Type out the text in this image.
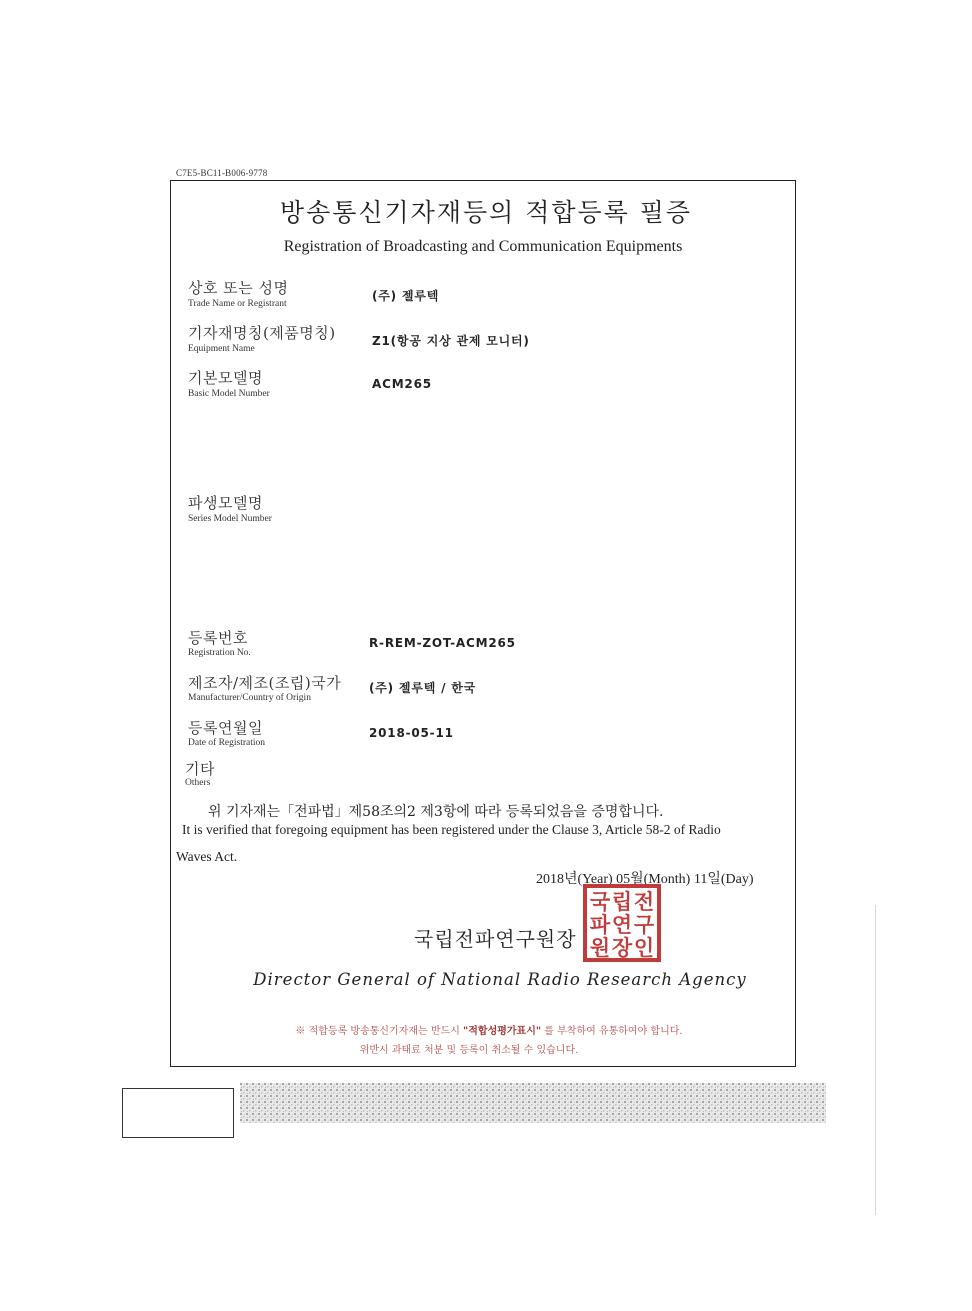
C7E5-BC11-B006-9778
방송통신기자재등의 적합등록 필증
Registration of Broadcasting and Communication Equipments
상호 또는 성명
Trade Name or Registrant
(주) 젤루텍
기자재명칭(제품명칭)
Equipment Name
Z1(항공 지상 관제 모니터)
기본모델명
Basic Model Number
ACM265
파생모델명
Series Model Number
등록번호
Registration No.
R-REM-ZOT-ACM265
제조자/제조(조립)국가
Manufacturer/Country of Origin
(주) 젤루텍 / 한국
등록연월일
Date of Registration
2018-05-11
기타
Others
위 기자재는「전파법」제58조의2 제3항에 따라 등록되었음을 증명합니다.
It is verified that foregoing equipment has been registered under the Clause 3, Article 58-2 of Radio
Waves Act.
2018년(Year) 05월(Month) 11일(Day)
국립전파연구원장
국 립 전
파 연 구
원 장 인
Director General of National Radio Research Agency
※ 적합등록 방송통신기자재는 반드시 "적합성평가표시" 를 부착하여 유통하여야 합니다.
위반시 과태료 처분 및 등록이 취소될 수 있습니다.
